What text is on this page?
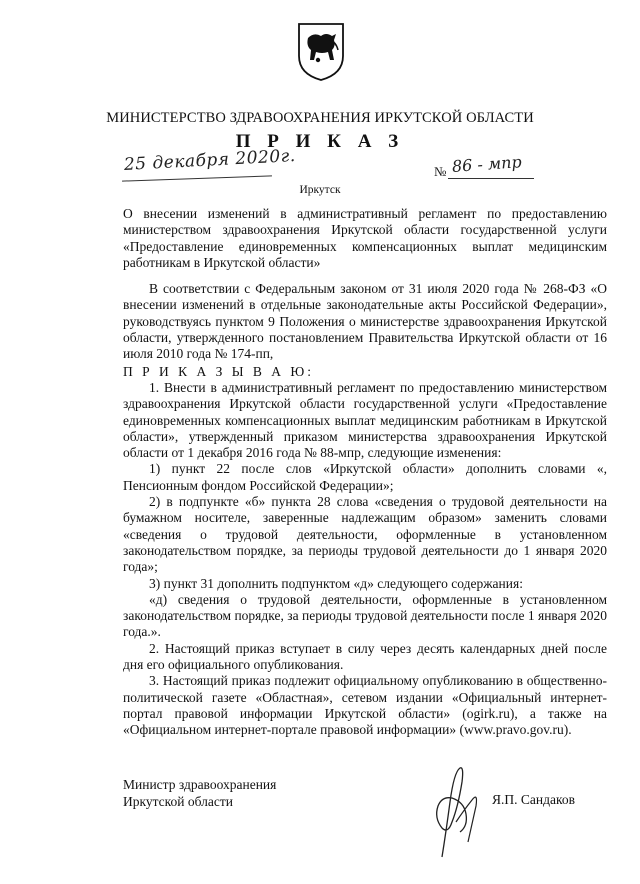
МИНИСТЕРСТВО ЗДРАВООХРАНЕНИЯ ИРКУТСКОЙ ОБЛАСТИ
П Р И К А З
25 декабря 2020г.	№ 86 - мпр
Иркутск
О внесении изменений в административный регламент по предоставлению министерством здравоохранения Иркутской области государственной услуги «Предоставление единовременных компенсационных выплат медицинским работникам в Иркутской области»
В соответствии с Федеральным законом от 31 июля 2020 года № 268-ФЗ «О внесении изменений в отдельные законодательные акты Российской Федерации», руководствуясь пунктом 9 Положения о министерстве здравоохранения Иркутской области, утвержденного постановлением Правительства Иркутской области от 16 июля 2010 года № 174-пп,
П Р И К А З Ы В А Ю:

1. Внести в административный регламент по предоставлению министерством здравоохранения Иркутской области государственной услуги «Предоставление единовременных компенсационных выплат медицинским работникам в Иркутской области», утвержденный приказом министерства здравоохранения Иркутской области от 1 декабря 2016 года № 88-мпр, следующие изменения:

1) пункт 22 после слов «Иркутской области» дополнить словами «, Пенсионным фондом Российской Федерации»;

2) в подпункте «б» пункта 28 слова «сведения о трудовой деятельности на бумажном носителе, заверенные надлежащим образом» заменить словами «сведения о трудовой деятельности, оформленные в установленном законодательством порядке, за периоды трудовой деятельности до 1 января 2020 года»;

3) пункт 31 дополнить подпунктом «д» следующего содержания:

«д) сведения о трудовой деятельности, оформленные в установленном законодательством порядке, за периоды трудовой деятельности после 1 января 2020 года.».

2. Настоящий приказ вступает в силу через десять календарных дней после дня его официального опубликования.

3. Настоящий приказ подлежит официальному опубликованию в общественно-политической газете «Областная», сетевом издании «Официальный интернет-портал правовой информации Иркутской области» (ogirk.ru), а также на «Официальном интернет-портале правовой информации» (www.pravo.gov.ru).

Министр здравоохранения
Иркутской области	Я.П. Сандаков
